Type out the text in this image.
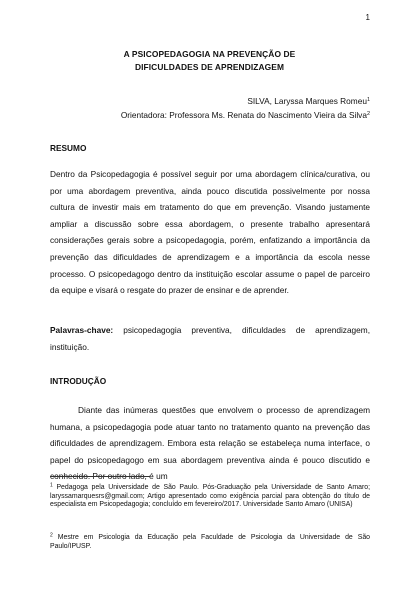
1
A PSICOPEDAGOGIA NA PREVENÇÃO DE
DIFICULDADES DE APRENDIZAGEM
SILVA, Laryssa Marques Romeu$^1$
Orientadora: Professora Ms. Renata do Nascimento Vieira da Silva$^2$
RESUMO

Dentro da Psicopedagogia é possível seguir por uma abordagem clínica/curativa, ou por uma abordagem preventiva, ainda pouco discutida possivelmente por nossa cultura de investir mais em tratamento do que em prevenção. Visando justamente ampliar a discussão sobre essa abordagem, o presente trabalho apresentará considerações gerais sobre a psicopedagogia, porém, enfatizando a importância da prevenção das dificuldades de aprendizagem e a importância da escola nesse processo. O psicopedagogo dentro da instituição escolar assume o papel de parceiro da equipe e visará o resgate do prazer de ensinar e de aprender.

Palavras-chave: psicopedagogia preventiva, dificuldades de aprendizagem, instituição.

INTRODUÇÃO

Diante das inúmeras questões que envolvem o processo de aprendizagem humana, a psicopedagogia pode atuar tanto no tratamento quanto na prevenção das dificuldades de aprendizagem. Embora esta relação se estabeleça numa interface, o papel do psicopedagogo em sua abordagem preventiva ainda é pouco discutido e conhecido. Por outro lado, é um

$^1$ Pedagoga pela Universidade de São Paulo. Pós-Graduação pela Universidade de Santo Amaro; laryssamarquesrs@gmail.com; Artigo apresentado como exigência parcial para obtenção do título de especialista em Psicopedagogia; concluído em fevereiro/2017. Universidade Santo Amaro (UNISA)

$^2$ Mestre em Psicologia da Educação pela Faculdade de Psicologia da Universidade de São Paulo/IPUSP.
